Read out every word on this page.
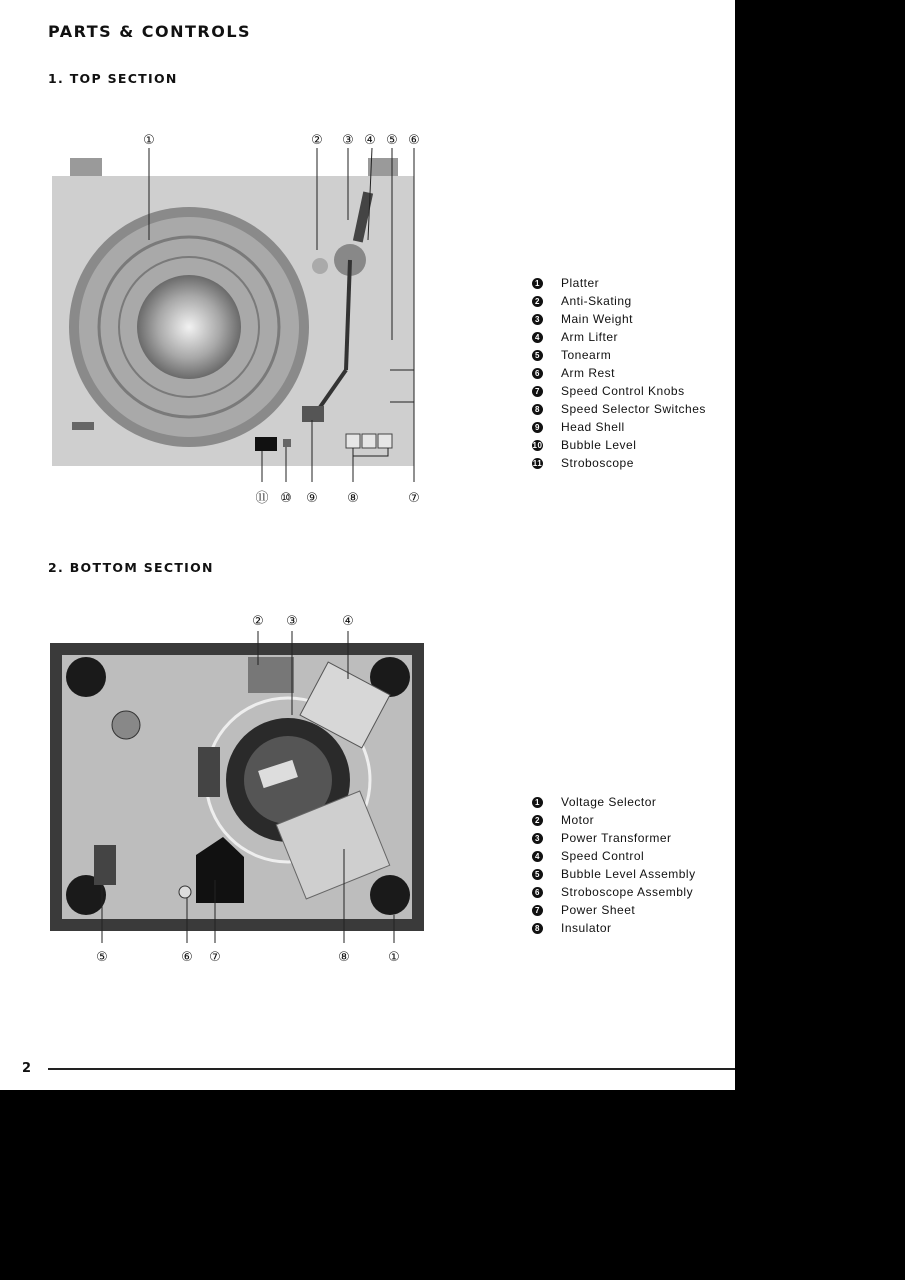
PARTS & CONTROLS
1. TOP SECTION
①	② ③ ④ ⑤ ⑥
⑦
⑧
⑨
⑩
⑪
1 Platter
2 Anti-Skating
3 Main Weight
4 Arm Lifter
5 Tonearm
6 Arm Rest
7 Speed Control Knobs
8 Speed Selector Switches
9 Head Shell
10 Bubble Level
11 Stroboscope
2. BOTTOM SECTION
② ③	④
⑤	⑥ ⑦	⑧	①
1 Voltage Selector
2 Motor
3 Power Transformer
4 Speed Control
5 Bubble Level Assembly
6 Stroboscope Assembly
7 Power Sheet
8 Insulator
2
